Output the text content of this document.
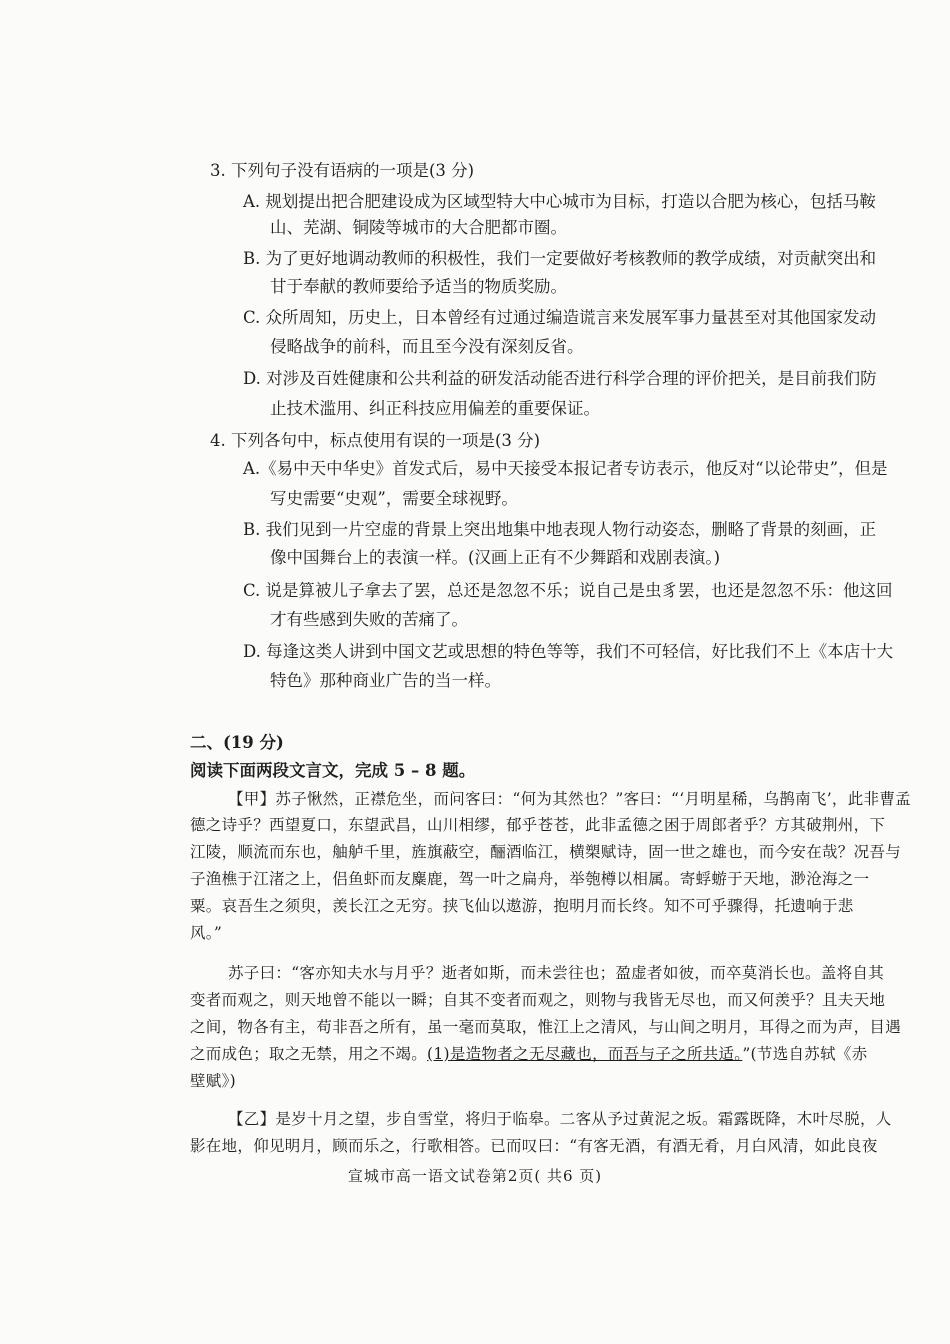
3. 下列句子没有语病的一项是(3 分)
A. 规划提出把合肥建设成为区域型特大中心城市为目标，打造以合肥为核心，包括马鞍
山、芜湖、铜陵等城市的大合肥都市圈。
B. 为了更好地调动教师的积极性，我们一定要做好考核教师的教学成绩，对贡献突出和
甘于奉献的教师要给予适当的物质奖励。
C. 众所周知，历史上，日本曾经有过通过编造谎言来发展军事力量甚至对其他国家发动
侵略战争的前科，而且至今没有深刻反省。
D. 对涉及百姓健康和公共利益的研发活动能否进行科学合理的评价把关，是目前我们防
止技术滥用、纠正科技应用偏差的重要保证。
4. 下列各句中，标点使用有误的一项是(3 分)
A.《易中天中华史》首发式后，易中天接受本报记者专访表示，他反对“以论带史”，但是
写史需要“史观”，需要全球视野。
B. 我们见到一片空虚的背景上突出地集中地表现人物行动姿态，删略了背景的刻画，正
像中国舞台上的表演一样。(汉画上正有不少舞蹈和戏剧表演。)
C. 说是算被儿子拿去了罢，总还是忽忽不乐；说自己是虫豸罢，也还是忽忽不乐：他这回
才有些感到失败的苦痛了。
D. 每逢这类人讲到中国文艺或思想的特色等等，我们不可轻信，好比我们不上《本店十大
特色》那种商业广告的当一样。
二、(19 分)
阅读下面两段文言文，完成 5 – 8 题。
【甲】苏子愀然，正襟危坐，而问客曰：“何为其然也？”客曰：“‘月明星稀，乌鹊南飞’，此非曹孟
德之诗乎？西望夏口，东望武昌，山川相缪，郁乎苍苍，此非孟德之困于周郎者乎？方其破荆州，下
江陵，顺流而东也，舳舻千里，旌旗蔽空，酾酒临江，横槊赋诗，固一世之雄也，而今安在哉？况吾与
子渔樵于江渚之上，侣鱼虾而友麋鹿，驾一叶之扁舟，举匏樽以相属。寄蜉蝣于天地，渺沧海之一
粟。哀吾生之须臾，羡长江之无穷。挟飞仙以遨游，抱明月而长终。知不可乎骤得，托遗响于悲
风。”
苏子曰：“客亦知夫水与月乎？逝者如斯，而未尝往也；盈虚者如彼，而卒莫消长也。盖将自其
变者而观之，则天地曾不能以一瞬；自其不变者而观之，则物与我皆无尽也，而又何羡乎？且夫天地
之间，物各有主，苟非吾之所有，虽一毫而莫取，惟江上之清风，与山间之明月，耳得之而为声，目遇
之而成色；取之无禁，用之不竭。(1)是造物者之无尽藏也，而吾与子之所共适。”(节选自苏轼《赤
壁赋》)
【乙】是岁十月之望，步自雪堂，将归于临皋。二客从予过黄泥之坂。霜露既降，木叶尽脱，人
影在地，仰见明月，顾而乐之，行歌相答。已而叹曰：“有客无酒，有酒无肴，月白风清，如此良夜
宣城市高一语文试卷第2页( 共6 页)
